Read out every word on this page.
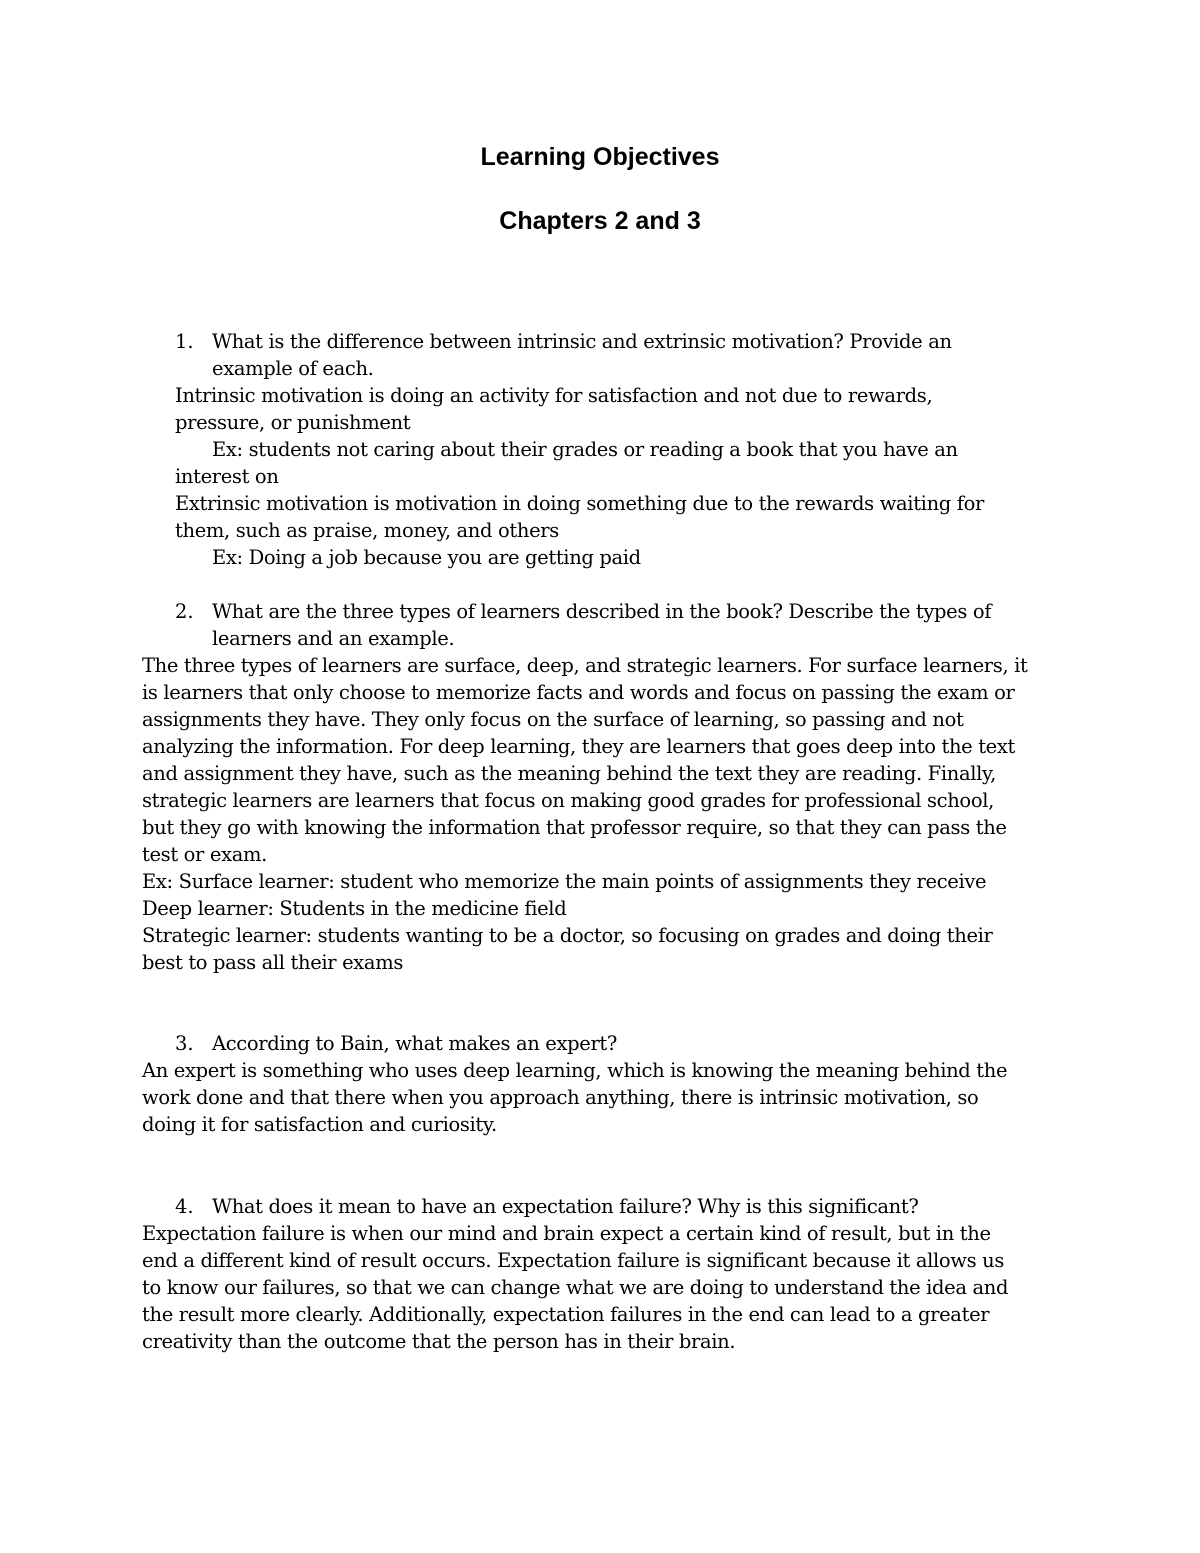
Learning Objectives
Chapters 2 and 3

1. What is the difference between intrinsic and extrinsic motivation? Provide an

example of each.

Intrinsic motivation is doing an activity for satisfaction and not due to rewards,

pressure, or punishment

Ex: students not caring about their grades or reading a book that you have an

interest on

Extrinsic motivation is motivation in doing something due to the rewards waiting for

them, such as praise, money, and others

Ex: Doing a job because you are getting paid

2. What are the three types of learners described in the book? Describe the types of

learners and an example.

The three types of learners are surface, deep, and strategic learners. For surface learners, it

is learners that only choose to memorize facts and words and focus on passing the exam or

assignments they have. They only focus on the surface of learning, so passing and not

analyzing the information. For deep learning, they are learners that goes deep into the text

and assignment they have, such as the meaning behind the text they are reading. Finally,

strategic learners are learners that focus on making good grades for professional school,

but they go with knowing the information that professor require, so that they can pass the

test or exam.

Ex: Surface learner: student who memorize the main points of assignments they receive

Deep learner: Students in the medicine field

Strategic learner: students wanting to be a doctor, so focusing on grades and doing their

best to pass all their exams

3. According to Bain, what makes an expert?

An expert is something who uses deep learning, which is knowing the meaning behind the

work done and that there when you approach anything, there is intrinsic motivation, so

doing it for satisfaction and curiosity.

4. What does it mean to have an expectation failure? Why is this significant?

Expectation failure is when our mind and brain expect a certain kind of result, but in the

end a different kind of result occurs. Expectation failure is significant because it allows us

to know our failures, so that we can change what we are doing to understand the idea and

the result more clearly. Additionally, expectation failures in the end can lead to a greater

creativity than the outcome that the person has in their brain.
